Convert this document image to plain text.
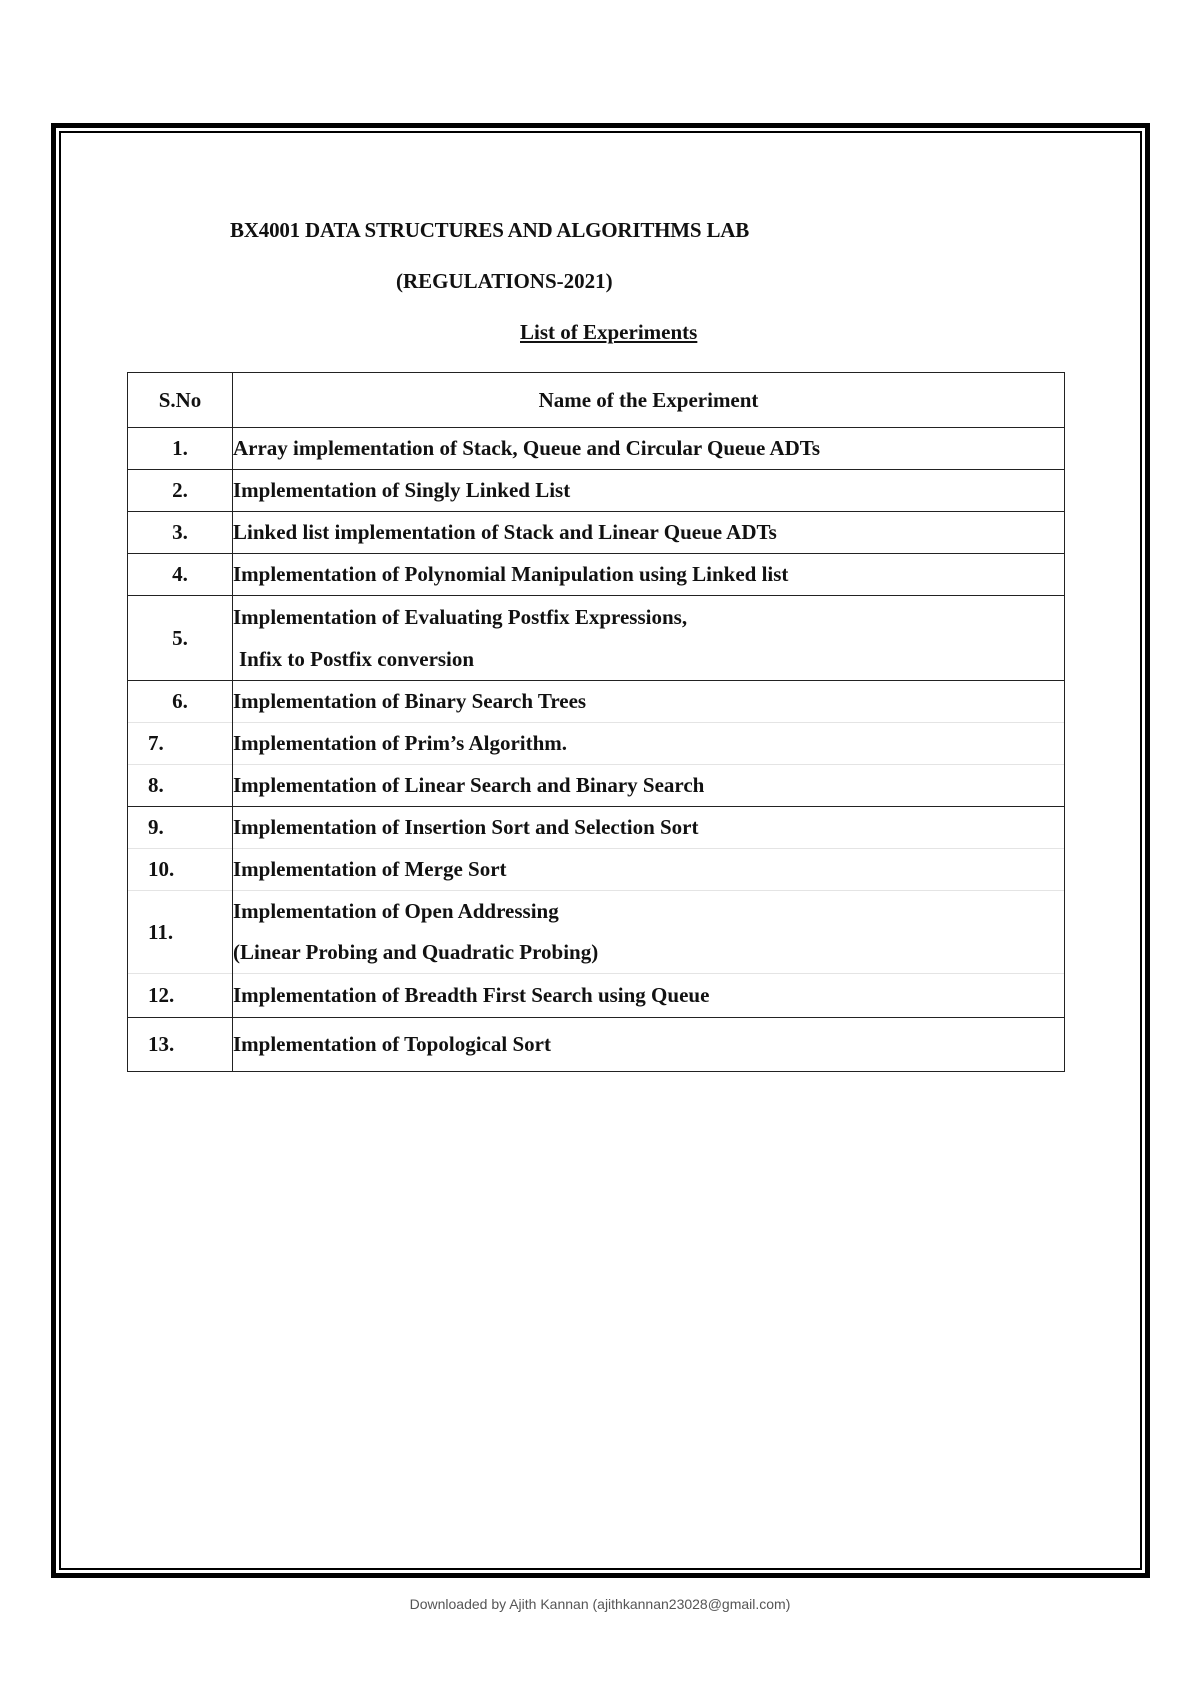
BX4001 DATA STRUCTURES AND ALGORITHMS LAB
(REGULATIONS-2021)
List of Experiments
S.No	Name of the Experiment
1.	Array implementation of Stack, Queue and Circular Queue ADTs
2.	Implementation of Singly Linked List
3.	Linked list implementation of Stack and Linear Queue ADTs
4.	Implementation of Polynomial Manipulation using Linked list
5.	Implementation of Evaluating Postfix Expressions,
Infix to Postfix conversion

6.	Implementation of Binary Search Trees
7.	Implementation of Prim’s Algorithm.
8.	Implementation of Linear Search and Binary Search
9.	Implementation of Insertion Sort and Selection Sort
10.	Implementation of Merge Sort
11.	Implementation of Open Addressing
(Linear Probing and Quadratic Probing)

12.	Implementation of Breadth First Search using Queue
13.	Implementation of Topological Sort
Downloaded by Ajith Kannan (ajithkannan23028@gmail.com)
